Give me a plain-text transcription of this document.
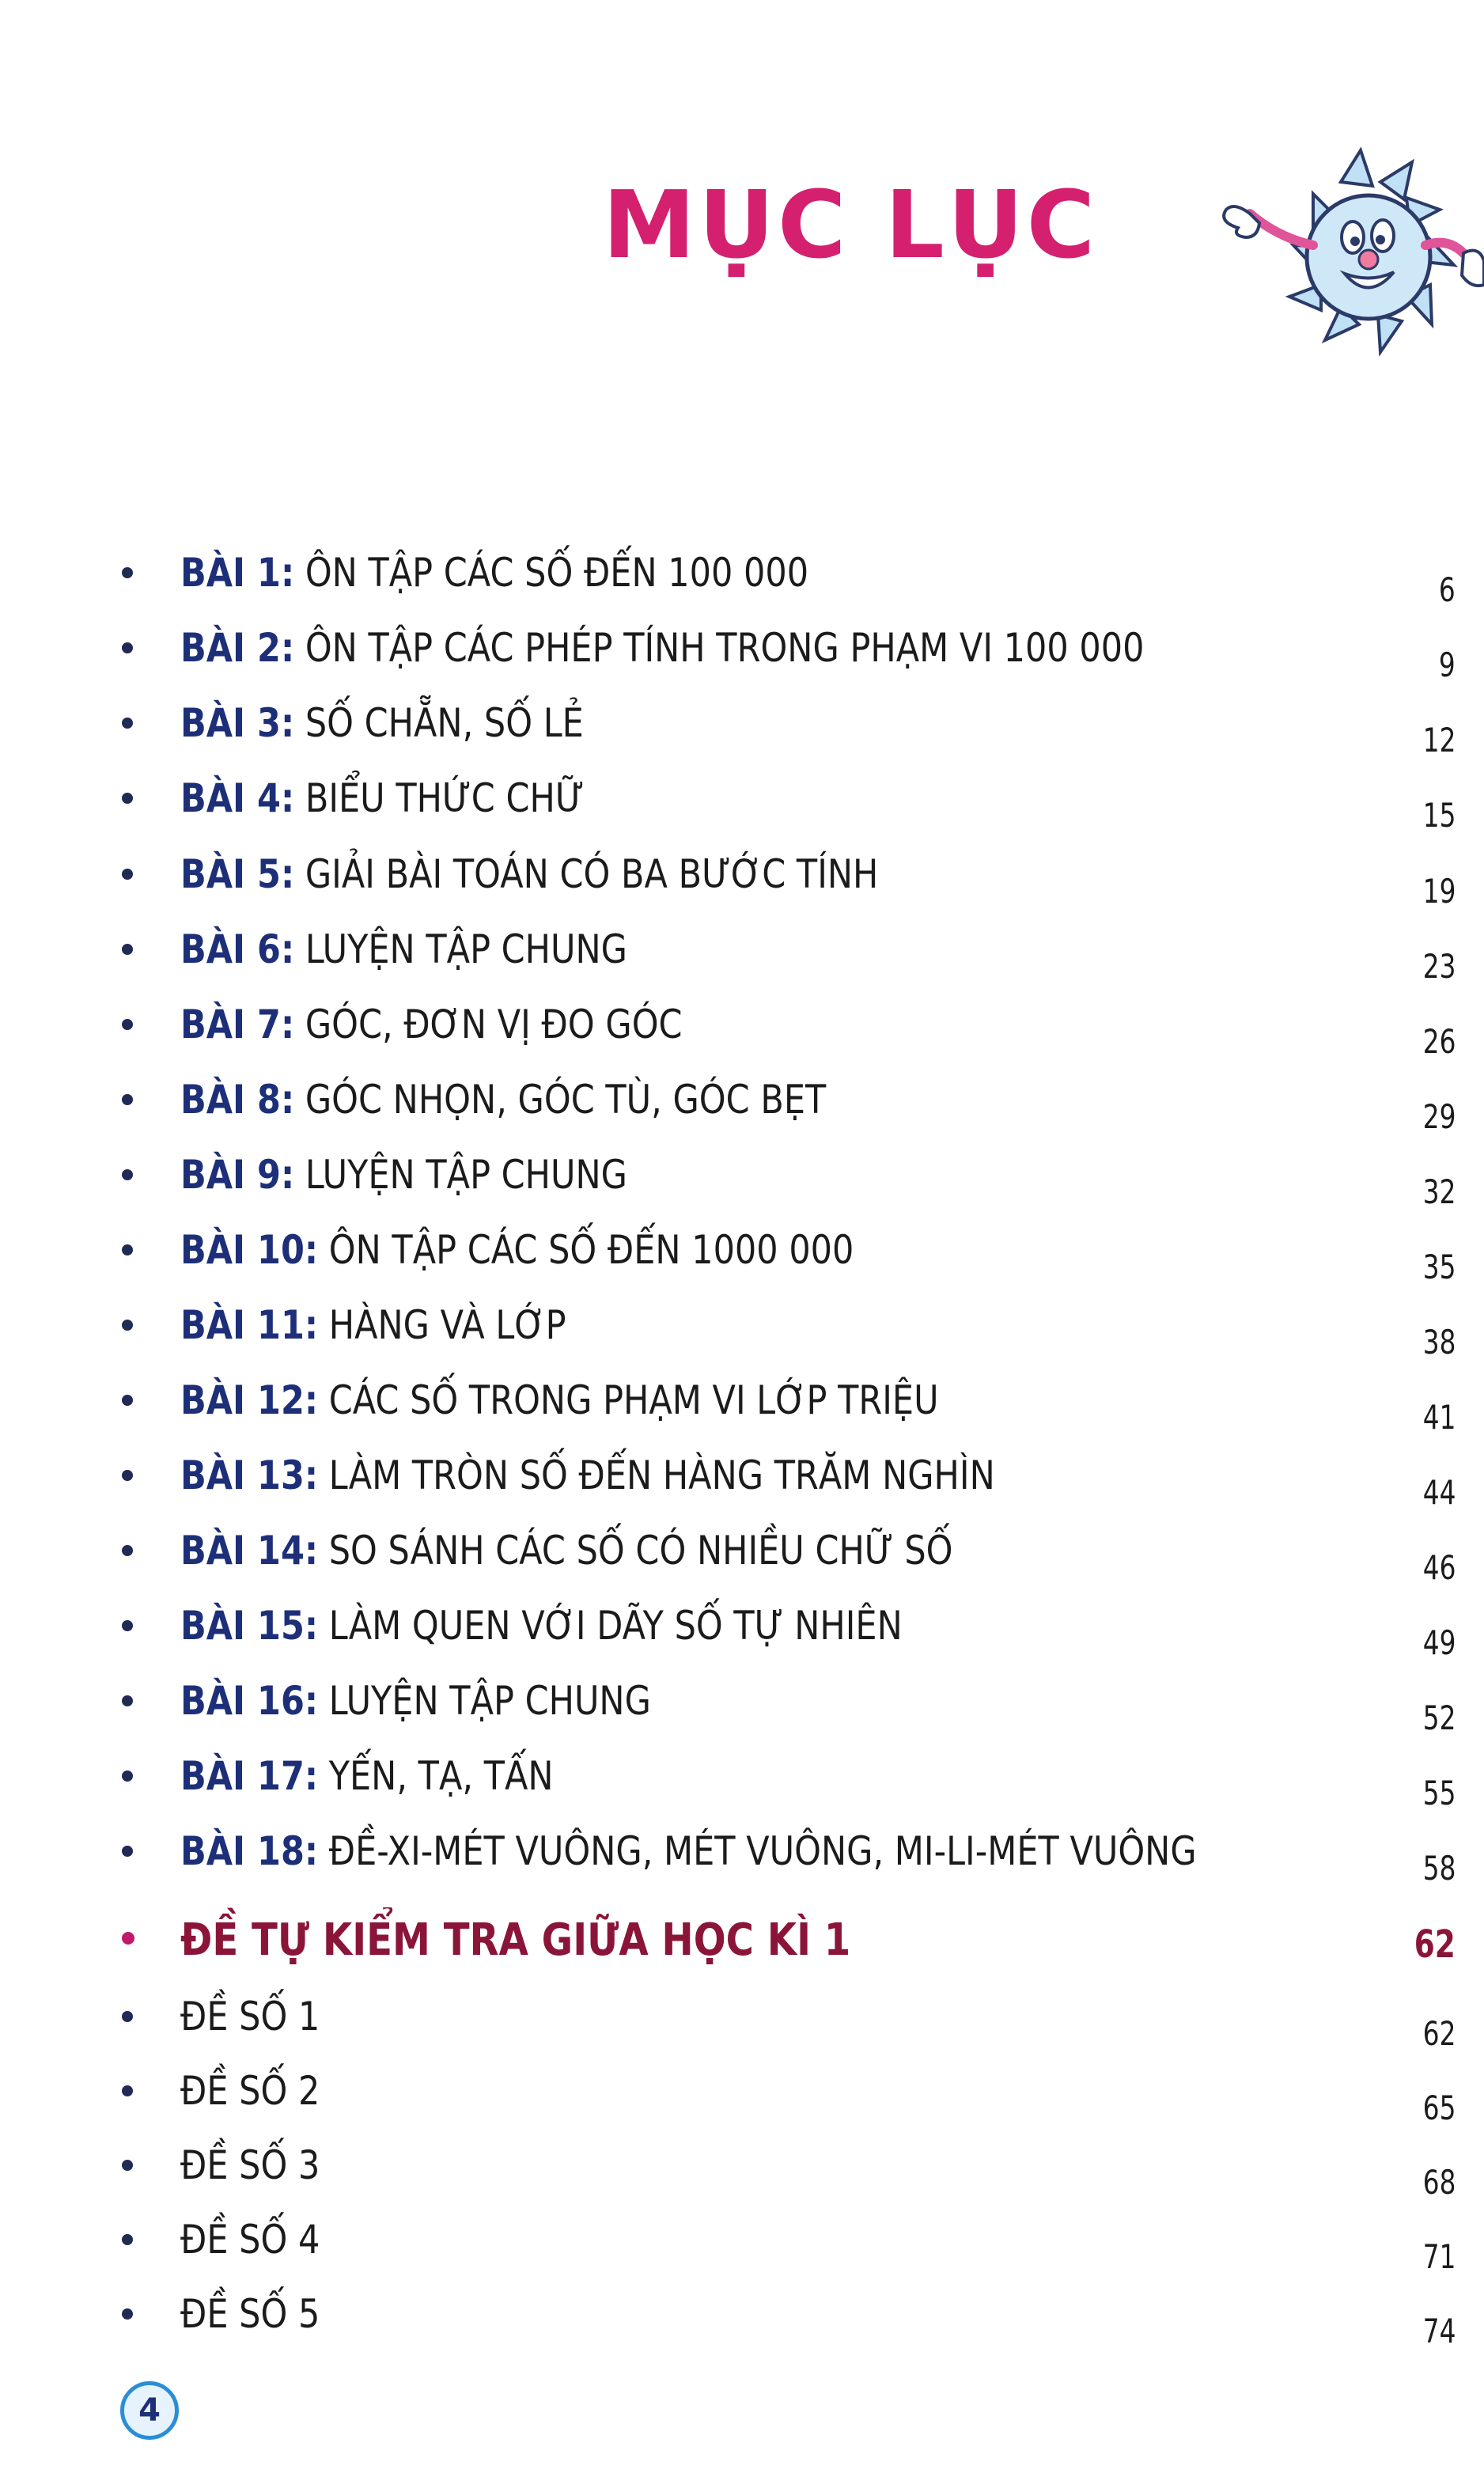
MỤC LỤC
BÀI 1: ÔN TẬP CÁC SỐ ĐẾN 100 000	6
BÀI 2: ÔN TẬP CÁC PHÉP TÍNH TRONG PHẠM VI 100 000	9
BÀI 3: SỐ CHẴN, SỐ LẺ	12
BÀI 4: BIỂU THỨC CHỮ	15
BÀI 5: GIẢI BÀI TOÁN CÓ BA BƯỚC TÍNH	19
BÀI 6: LUYỆN TẬP CHUNG	23
BÀI 7: GÓC, ĐƠN VỊ ĐO GÓC	26
BÀI 8: GÓC NHỌN, GÓC TÙ, GÓC BẸT	29
BÀI 9: LUYỆN TẬP CHUNG	32
BÀI 10: ÔN TẬP CÁC SỐ ĐẾN 1000 000	35
BÀI 11: HÀNG VÀ LỚP	38
BÀI 12: CÁC SỐ TRONG PHẠM VI LỚP TRIỆU	41
BÀI 13: LÀM TRÒN SỐ ĐẾN HÀNG TRĂM NGHÌN	44
BÀI 14: SO SÁNH CÁC SỐ CÓ NHIỀU CHỮ SỐ	46
BÀI 15: LÀM QUEN VỚI DÃY SỐ TỰ NHIÊN	49
BÀI 16: LUYỆN TẬP CHUNG	52
BÀI 17: YẾN, TẠ, TẤN	55
BÀI 18: ĐỀ-XI-MÉT VUÔNG, MÉT VUÔNG, MI-LI-MÉT VUÔNG	58
ĐỀ TỰ KIỂM TRA GIỮA HỌC KÌ 1	62
ĐỀ SỐ 1	62
ĐỀ SỐ 2	65
ĐỀ SỐ 3	68
ĐỀ SỐ 4	71
ĐỀ SỐ 5	74
4
